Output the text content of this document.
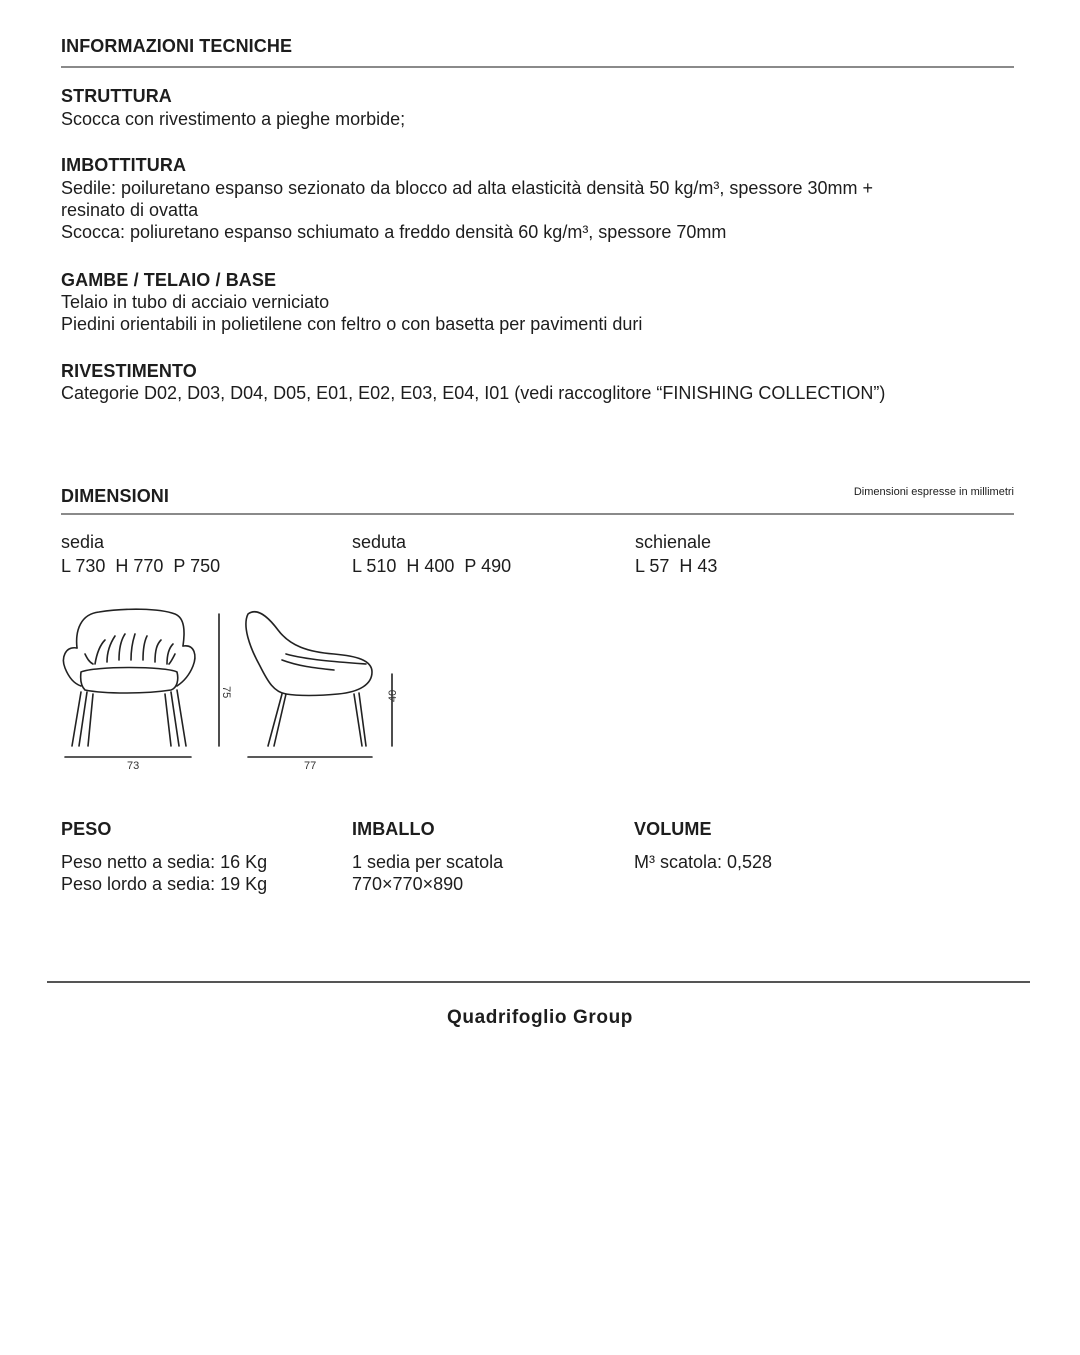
INFORMAZIONI TECNICHE
STRUTTURA
Scocca con rivestimento a pieghe morbide;
IMBOTTITURA
Sedile: poiluretano espanso sezionato da blocco ad alta elasticità densità 50 kg/m³, spessore 30mm +
resinato di ovatta
Scocca: poliuretano espanso schiumato a freddo densità 60 kg/m³, spessore 70mm
GAMBE / TELAIO / BASE
Telaio in tubo di acciaio verniciato
Piedini orientabili in polietilene con feltro o con basetta per pavimenti duri
RIVESTIMENTO
Categorie D02, D03, D04, D05, E01, E02, E03, E04, I01 (vedi raccoglitore “FINISHING COLLECTION”)
DIMENSIONI	Dimensioni espresse in millimetri
sedia
L 730  H 770  P 750
seduta
L 510  H 400  P 490
schienale
L 57  H 43
73
75
77
40
PESO
Peso netto a sedia: 16 Kg
Peso lordo a sedia: 19 Kg
IMBALLO
1 sedia per scatola
770×770×890
VOLUME
M³ scatola: 0,528
Quadrifoglio Group
